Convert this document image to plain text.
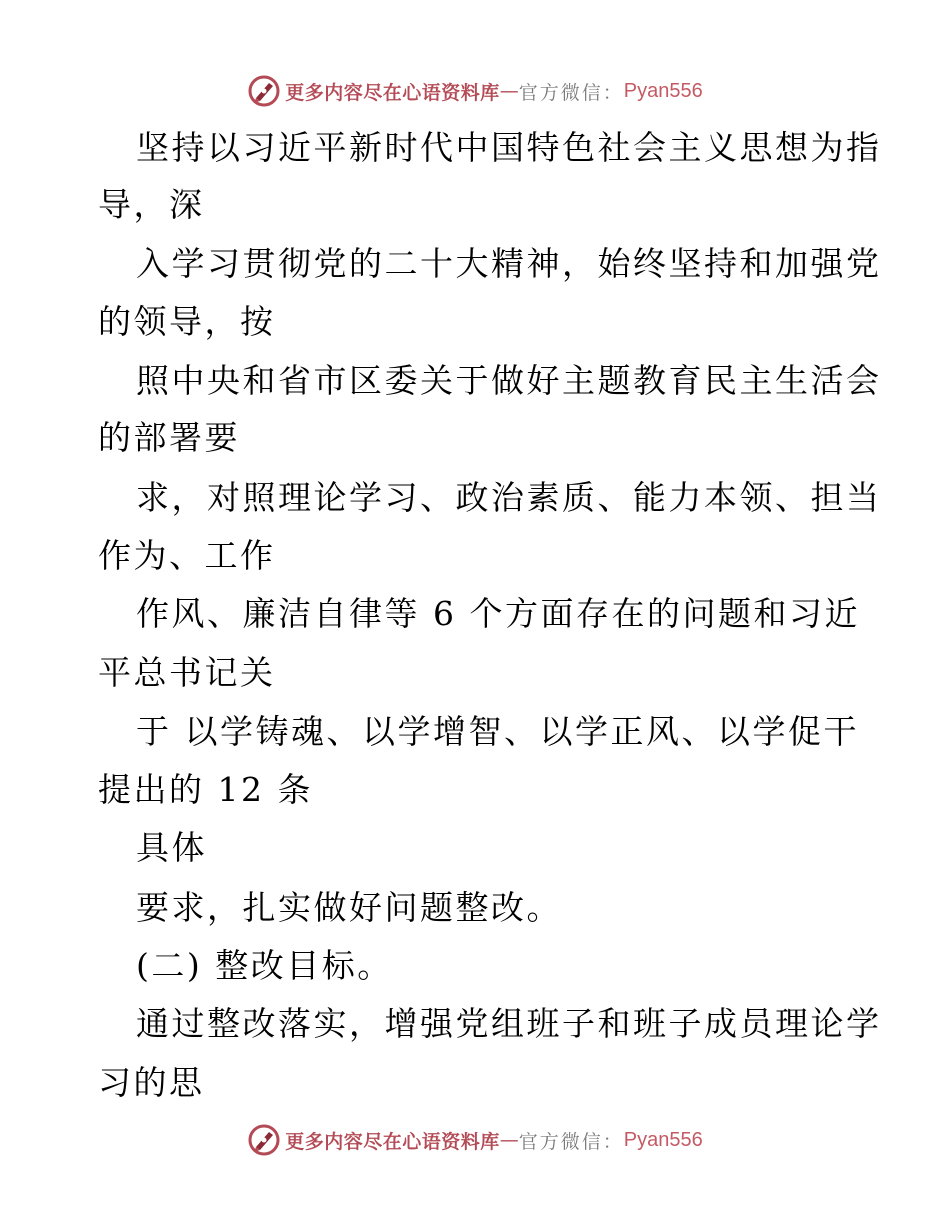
更多内容尽在心语资料库 — 官方微信： Pyan556
坚持以习近平新时代中国特色社会主义思想为指
导，深
入学习贯彻党的二十大精神，始终坚持和加强党
的领导，按
照中央和省市区委关于做好主题教育民主生活会
的部署要
求，对照理论学习、政治素质、能力本领、担当
作为、工作
作风、廉洁自律等 6 个方面存在的问题和习近
平总书记关
于 以学铸魂、以学增智、以学正风、以学促干
提出的 12 条
具体
要求，扎实做好问题整改。
(二) 整改目标。
通过整改落实，增强党组班子和班子成员理论学
习的思
更多内容尽在心语资料库 — 官方微信： Pyan556
